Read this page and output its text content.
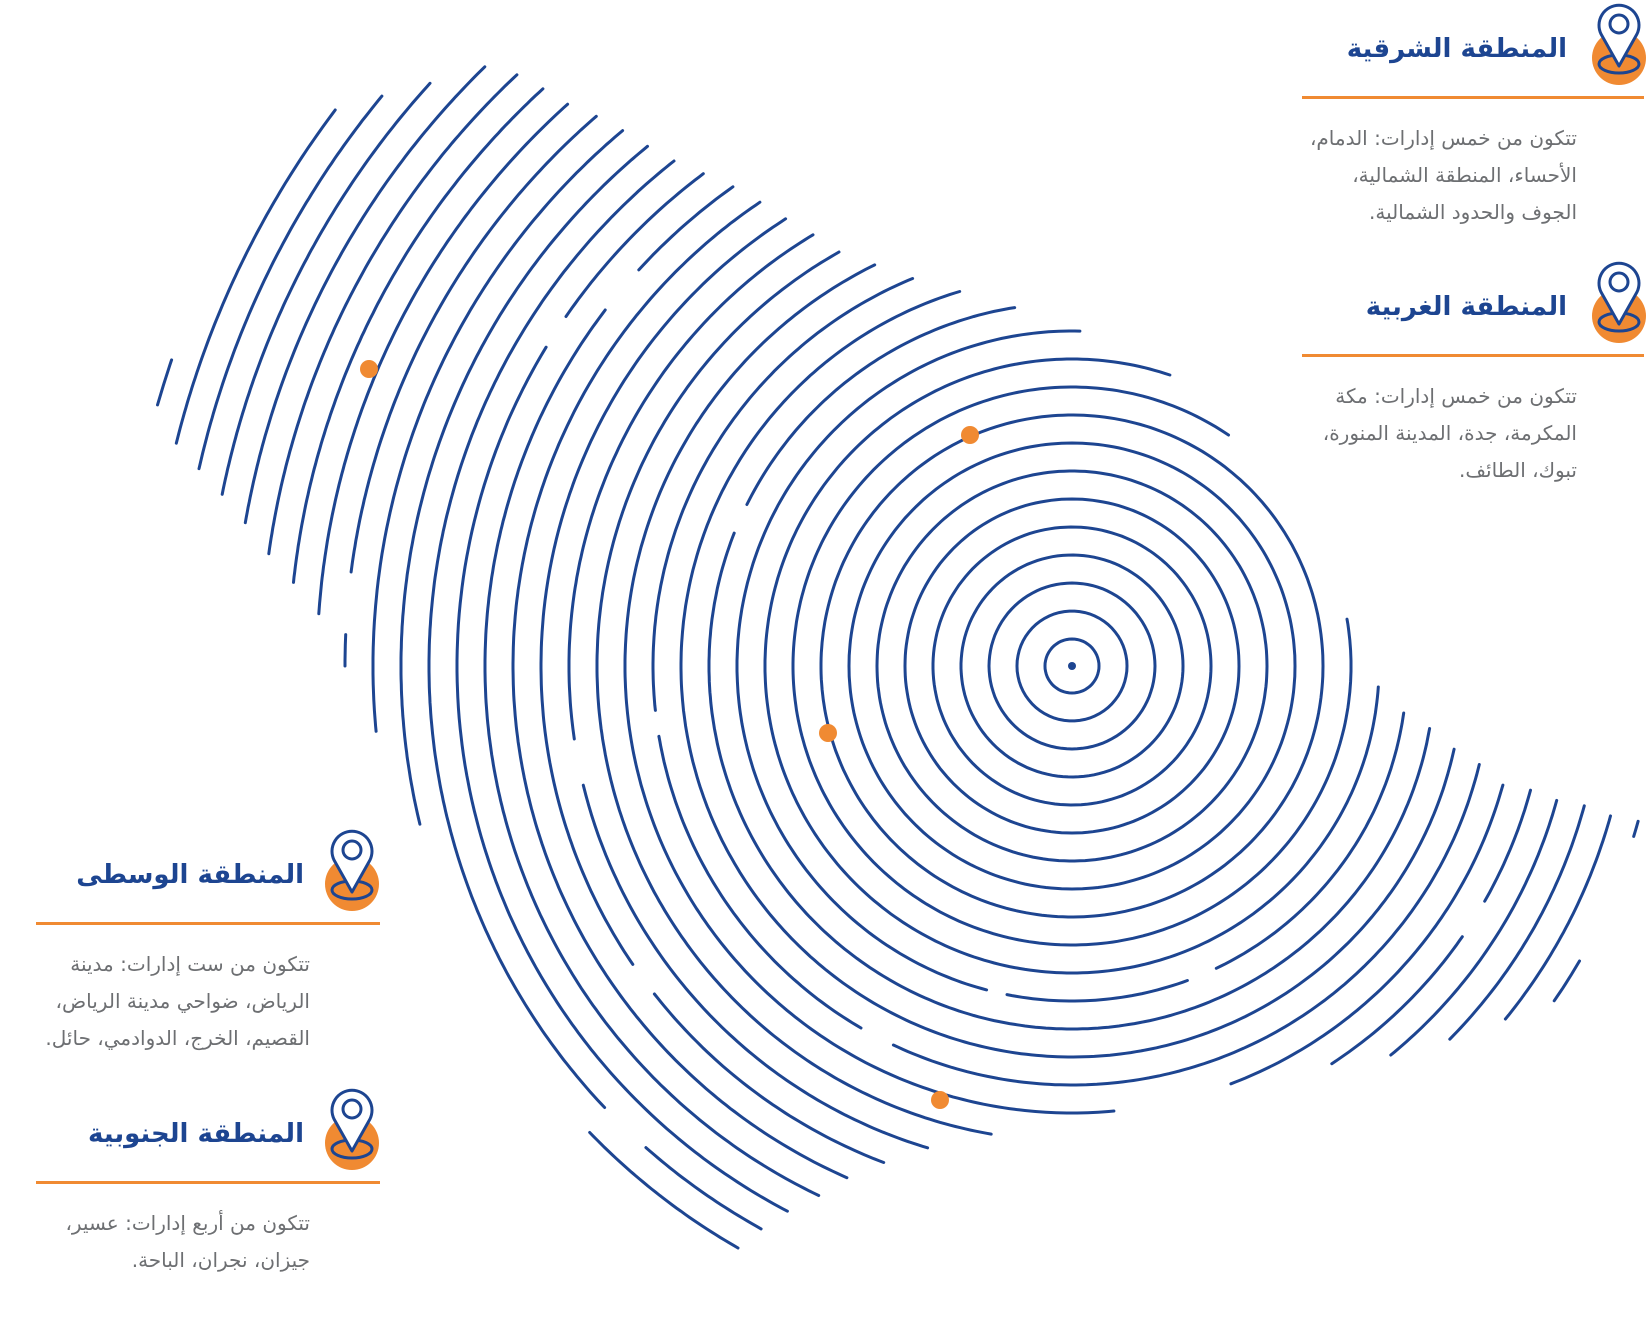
المنطقة الشرقية
تتكون من خمس إدارات: الدمام، الأحساء، المنطقة الشمالية، الجوف والحدود الشمالية.
المنطقة الغربية
تتكون من خمس إدارات: مكة المكرمة، جدة، المدينة المنورة، تبوك، الطائف.
المنطقة الوسطى
تتكون من ست إدارات: مدينة الرياض، ضواحي مدينة الرياض، القصيم، الخرج، الدوادمي، حائل.
المنطقة الجنوبية
تتكون من أربع إدارات: عسير، جيزان، نجران، الباحة.
